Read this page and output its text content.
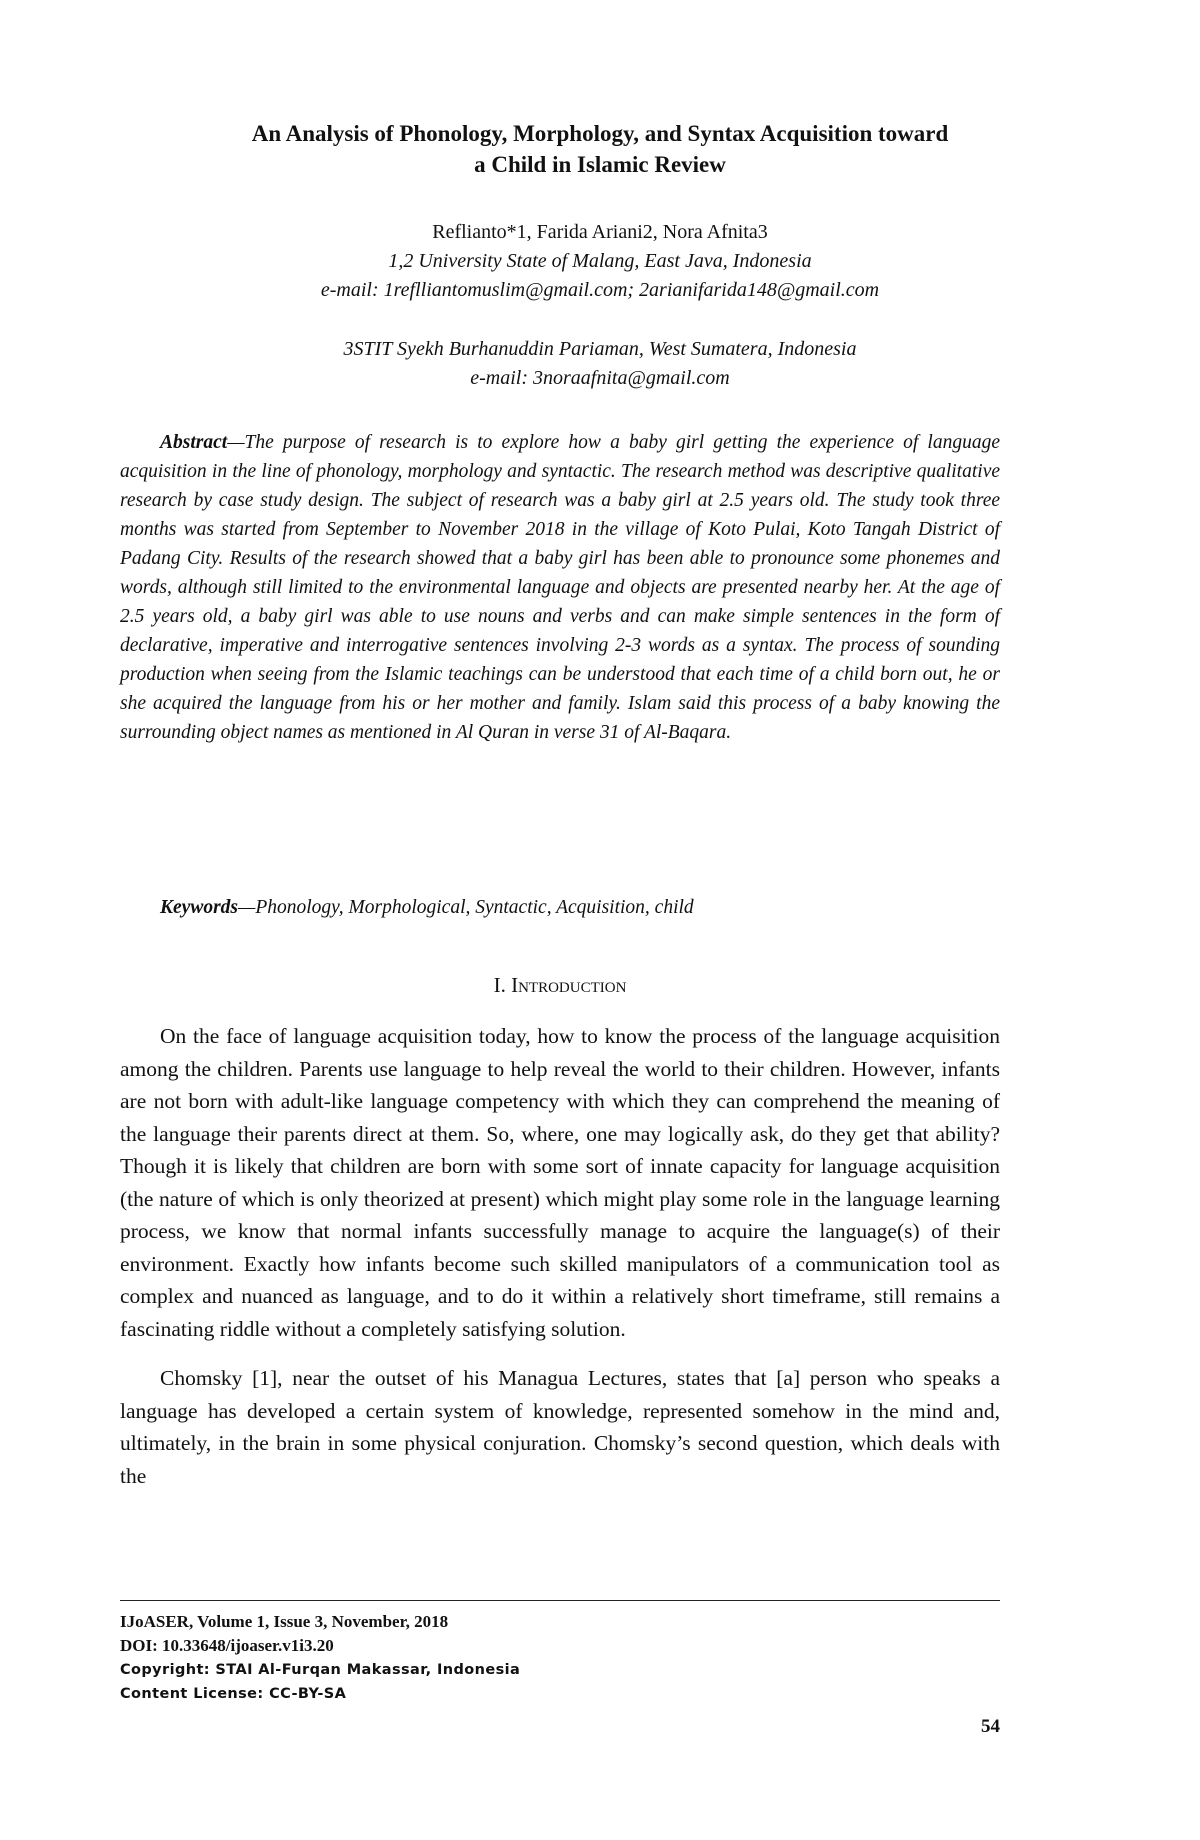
An Analysis of Phonology, Morphology, and Syntax Acquisition toward
a Child in Islamic Review
Reflianto*1, Farida Ariani2, Nora Afnita3
1,2 University State of Malang, East Java, Indonesia
e-mail: 1reflliantomuslim@gmail.com; 2arianifarida148@gmail.com
3STIT Syekh Burhanuddin Pariaman, West Sumatera, Indonesia
e-mail: 3noraafnita@gmail.com
Abstract—The purpose of research is to explore how a baby girl getting the experience of language acquisition in the line of phonology, morphology and syntactic. The research method was descriptive qualitative research by case study design. The subject of research was a baby girl at 2.5 years old. The study took three months was started from September to November 2018 in the village of Koto Pulai, Koto Tangah District of Padang City. Results of the research showed that a baby girl has been able to pronounce some phonemes and words, although still limited to the environmental language and objects are presented nearby her. At the age of 2.5 years old, a baby girl was able to use nouns and verbs and can make simple sentences in the form of declarative, imperative and interrogative sentences involving 2-3 words as a syntax. The process of sounding production when seeing from the Islamic teachings can be understood that each time of a child born out, he or she acquired the language from his or her mother and family. Islam said this process of a baby knowing the surrounding object names as mentioned in Al Quran in verse 31 of Al-Baqara.
Keywords—Phonology, Morphological, Syntactic, Acquisition, child
I. Introduction

On the face of language acquisition today, how to know the process of the language acquisition among the children. Parents use language to help reveal the world to their children. However, infants are not born with adult-like language competency with which they can comprehend the meaning of the language their parents direct at them. So, where, one may logically ask, do they get that ability? Though it is likely that children are born with some sort of innate capacity for language acquisition (the nature of which is only theorized at present) which might play some role in the language learning process, we know that normal infants successfully manage to acquire the language(s) of their environment. Exactly how infants become such skilled manipulators of a communication tool as complex and nuanced as language, and to do it within a relatively short timeframe, still remains a fascinating riddle without a completely satisfying solution.

Chomsky [1], near the outset of his Managua Lectures, states that [a] person who speaks a language has developed a certain system of knowledge, represented somehow in the mind and, ultimately, in the brain in some physical conjuration. Chomsky’s second question, which deals with the

IJoASER, Volume 1, Issue 3, November, 2018
DOI: 10.33648/ijoaser.v1i3.20
Copyright: STAI Al-Furqan Makassar, Indonesia
Content License: CC-BY-SA
54
